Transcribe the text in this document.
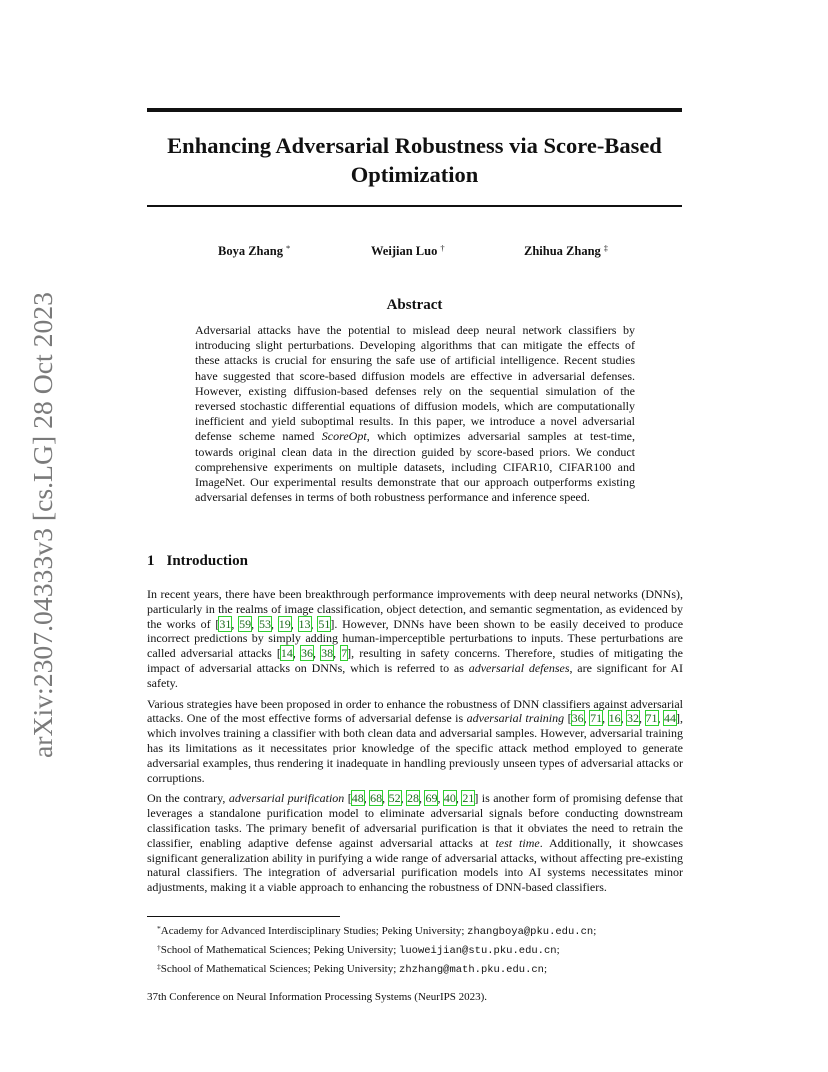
arXiv:2307.04333v3 [cs.LG] 28 Oct 2023
Enhancing Adversarial Robustness via Score-Based
Optimization
Boya Zhang *	Weijian Luo †	Zhihua Zhang ‡
Abstract

Adversarial attacks have the potential to mislead deep neural network classifiers by introducing slight perturbations. Developing algorithms that can mitigate the effects of these attacks is crucial for ensuring the safe use of artificial intelligence. Recent studies have suggested that score-based diffusion models are effective in adversarial defenses. However, existing diffusion-based defenses rely on the sequential simulation of the reversed stochastic differential equations of diffusion models, which are computationally inefficient and yield suboptimal results. In this paper, we introduce a novel adversarial defense scheme named ScoreOpt, which optimizes adversarial samples at test-time, towards original clean data in the direction guided by score-based priors. We conduct comprehensive experiments on multiple datasets, including CIFAR10, CIFAR100 and ImageNet. Our experimental results demonstrate that our approach outperforms existing adversarial defenses in terms of both robustness performance and inference speed.

1 Introduction

In recent years, there have been breakthrough performance improvements with deep neural networks (DNNs), particularly in the realms of image classification, object detection, and semantic segmentation, as evidenced by the works of [31, 59, 53, 19, 13, 51]. However, DNNs have been shown to be easily deceived to produce incorrect predictions by simply adding human-imperceptible perturbations to inputs. These perturbations are called adversarial attacks [14, 36, 38, 7], resulting in safety concerns. Therefore, studies of mitigating the impact of adversarial attacks on DNNs, which is referred to as adversarial defenses, are significant for AI safety.

Various strategies have been proposed in order to enhance the robustness of DNN classifiers against adversarial attacks. One of the most effective forms of adversarial defense is adversarial training [36, 71, 16, 32, 71, 44], which involves training a classifier with both clean data and adversarial samples. However, adversarial training has its limitations as it necessitates prior knowledge of the specific attack method employed to generate adversarial examples, thus rendering it inadequate in handling previously unseen types of adversarial attacks or corruptions.

On the contrary, adversarial purification [48, 68, 52, 28, 69, 40, 21] is another form of promising defense that leverages a standalone purification model to eliminate adversarial signals before conducting downstream classification tasks. The primary benefit of adversarial purification is that it obviates the need to retrain the classifier, enabling adaptive defense against adversarial attacks at test time. Additionally, it showcases significant generalization ability in purifying a wide range of adversarial attacks, without affecting pre-existing natural classifiers. The integration of adversarial purification models into AI systems necessitates minor adjustments, making it a viable approach to enhancing the robustness of DNN-based classifiers.

*Academy for Advanced Interdisciplinary Studies; Peking University; zhangboya@pku.edu.cn;
†School of Mathematical Sciences; Peking University; luoweijian@stu.pku.edu.cn;
‡School of Mathematical Sciences; Peking University; zhzhang@math.pku.edu.cn;
37th Conference on Neural Information Processing Systems (NeurIPS 2023).
